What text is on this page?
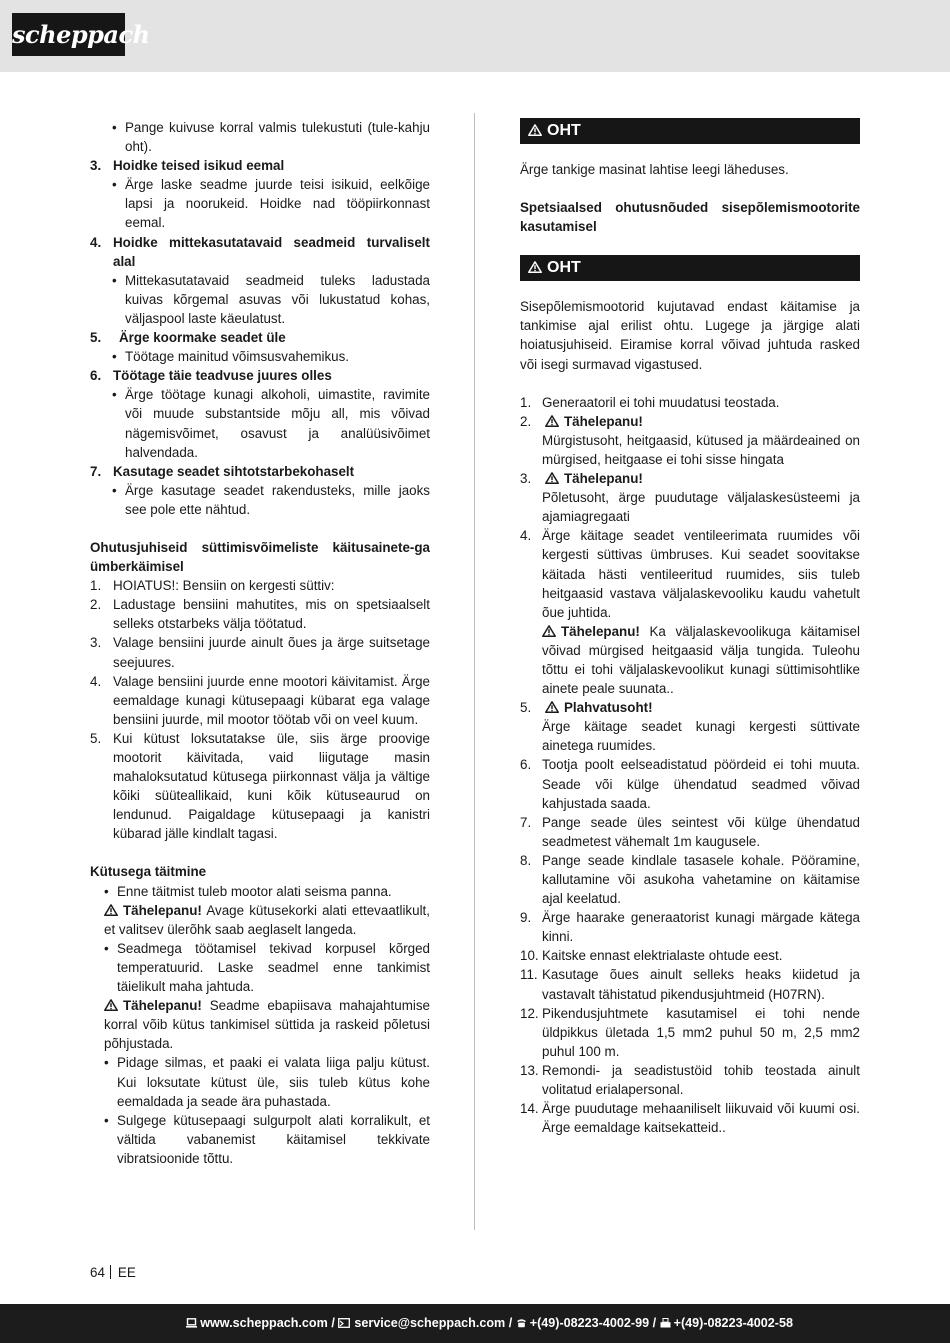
scheppach
• Pange kuivuse korral valmis tulekustuti (tule-kahju oht).
3. Hoidke teised isikud eemal
• Ärge laske seadme juurde teisi isikuid, eelkõige lapsi ja noorukeid. Hoidke nad tööpiirkonnast eemal.
4. Hoidke mittekasutatavaid seadmeid turvaliselt alal
• Mittekasutatavaid seadmeid tuleks ladustada kuivas kõrgemal asuvas või lukustatud kohas, väljaspool laste käeulatust.
5.	Ärge koormake seadet üle
• Töötage mainitud võimsusvahemikus.
6. Töötage täie teadvuse juures olles
• Ärge töötage kunagi alkoholi, uimastite, ravimite või muude substantside mõju all, mis võivad nägemisvõimet, osavust ja analüüsivõimet halvendada.
7. Kasutage seadet sihtotstarbekohaselt
• Ärge kasutage seadet rakendusteks, mille jaoks see pole ette nähtud.

Ohutusjuhiseid süttimisvõimeliste käitusainete-ga ümberkäimisel

1. HOIATUS!: Bensiin on kergesti süttiv:
2. Ladustage bensiini mahutites, mis on spetsiaalselt selleks otstarbeks välja töötatud.
3. Valage bensiini juurde ainult õues ja ärge suitsetage seejuures.
4. Valage bensiini juurde enne mootori käivitamist. Ärge eemaldage kunagi kütusepaagi kübarat ega valage bensiini juurde, mil mootor töötab või on veel kuum.
5. Kui kütust loksutatakse üle, siis ärge proovige mootorit käivitada, vaid liigutage masin mahaloksutatud kütusega piirkonnast välja ja vältige kõiki süüteallikaid, kuni kõik kütuseaurud on lendunud. Paigaldage kütusepaagi ja kanistri kübarad jälle kindlalt tagasi.

Kütusega täitmine

• Enne täitmist tuleb mootor alati seisma panna.

Tähelepanu! Avage kütusekorki alati ettevaatlikult, et valitsev ülerõhk saab aeglaselt langeda.

• Seadmega töötamisel tekivad korpusel kõrged temperatuurid. Laske seadmel enne tankimist täielikult maha jahtuda.

Tähelepanu! Seadme ebapiisava mahajahtumise korral võib kütus tankimisel süttida ja raskeid põletusi põhjustada.

• Pidage silmas, et paaki ei valata liiga palju kütust. Kui loksutate kütust üle, siis tuleb kütus kohe eemaldada ja seade ära puhastada.
• Sulgege kütusepaagi sulgurpolt alati korralikult, et vältida vabanemist käitamisel tekkivate vibratsioonide tõttu.
OHT

Ärge tankige masinat lahtise leegi läheduses.

Spetsiaalsed ohutusnõuded sisepõlemismootorite kasutamisel

OHT

Sisepõlemismootorid kujutavad endast käitamise ja tankimise ajal erilist ohtu. Lugege ja järgige alati hoiatusjuhiseid. Eiramise korral võivad juhtuda rasked või isegi surmavad vigastused.

1. Generaatoril ei tohi muudatusi teostada.
2.	Tähelepanu!

Mürgistusoht, heitgaasid, kütused ja määrdeained on mürgised, heitgaase ei tohi sisse hingata

3.	Tähelepanu!

Põletusoht, ärge puudutage väljalaskesüsteemi ja ajamiagregaati

4. Ärge käitage seadet ventileerimata ruumides või kergesti süttivas ümbruses. Kui seadet soovitakse käitada hästi ventileeritud ruumides, siis tuleb heitgaasid vastava väljalaskevooliku kaudu vahetult õue juhtida.

Tähelepanu! Ka väljalaskevoolikuga käitamisel võivad mürgised heitgaasid välja tungida. Tuleohu tõttu ei tohi väljalaskevoolikut kunagi süttimisohtlike ainete peale suunata..

5.	Plahvatusoht!

Ärge käitage seadet kunagi kergesti süttivate ainetega ruumides.

6. Tootja poolt eelseadistatud pöördeid ei tohi muuta. Seade või külge ühendatud seadmed võivad kahjustada saada.
7. Pange seade üles seintest või külge ühendatud seadmetest vähemalt 1m kaugusele.
8. Pange seade kindlale tasasele kohale. Pööramine, kallutamine või asukoha vahetamine on käitamise ajal keelatud.
9. Ärge haarake generaatorist kunagi märgade kätega kinni.
10. Kaitske ennast elektrialaste ohtude eest.
11. Kasutage õues ainult selleks heaks kiidetud ja vastavalt tähistatud pikendusjuhtmeid (H07RN).
12. Pikendusjuhtmete kasutamisel ei tohi nende üldpikkus ületada 1,5 mm2 puhul 50 m, 2,5 mm2 puhul 100 m.
13. Remondi- ja seadistustöid tohib teostada ainult volitatud erialapersonal.
14. Ärge puudutage mehaaniliselt liikuvaid või kuumi osi. Ärge eemaldage kaitsekatteid..
64 EE
www.scheppach.com / service@scheppach.com / +(49)-08223-4002-99 / +(49)-08223-4002-58
